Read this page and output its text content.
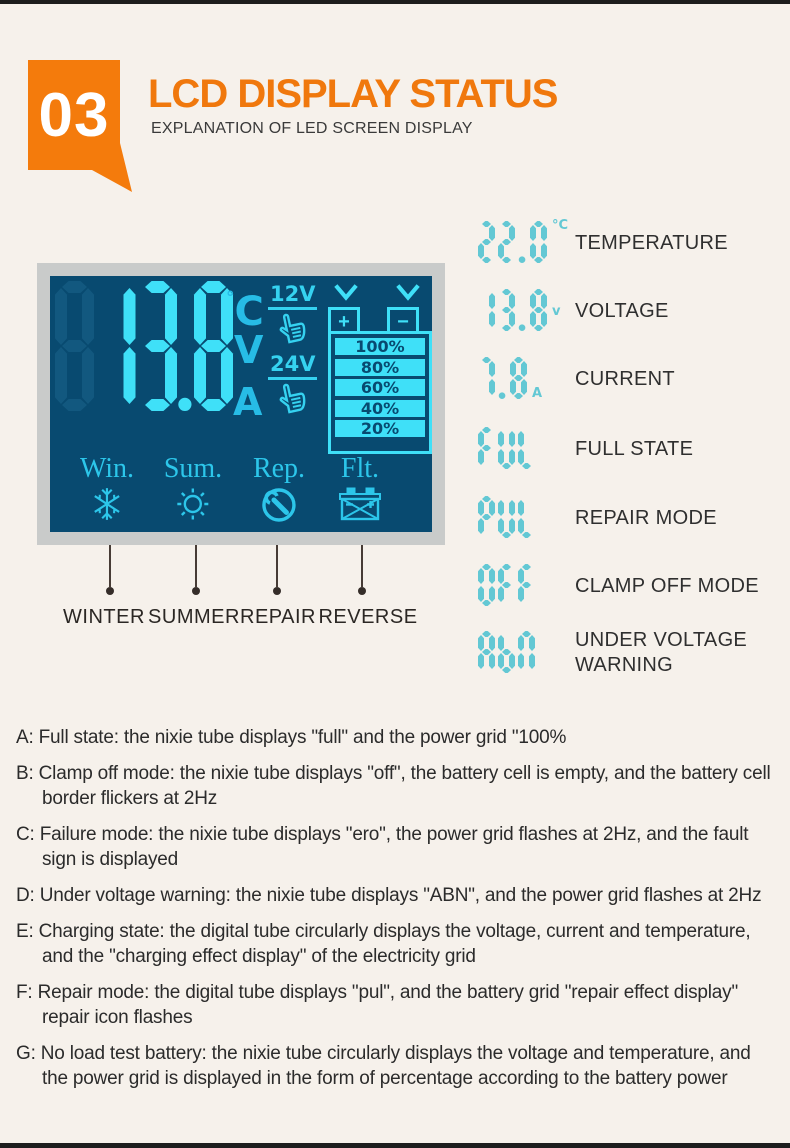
03 LCD DISPLAY STATUS
EXPLANATION OF LED SCREEN DISPLAY
°C
V
A
12V

24V

+ −
100%
80%
60%
40%
20%
Win. Sum. Rep. Flt.
WINTER SUMMER REPAIR REVERSE
°C
TEMPERATURE
v VOLTAGE
A
CURRENT
FULL STATE
REPAIR MODE
CLAMP OFF MODE
UNDER VOLTAGE WARNING

A: Full state: the nixie tube displays "full" and the power grid "100%

B: Clamp off mode: the nixie tube displays "off", the battery cell is empty, and the battery cell border flickers at 2Hz

C: Failure mode: the nixie tube displays "ero", the power grid flashes at 2Hz, and the fault sign is displayed

D: Under voltage warning: the nixie tube displays "ABN", and the power grid flashes at 2Hz

E: Charging state: the digital tube circularly displays the voltage, current and temperature, and the "charging effect display" of the electricity grid

F: Repair mode: the digital tube displays "pul", and the battery grid "repair effect display" repair icon flashes

G: No load test battery: the nixie tube circularly displays the voltage and temperature, and the power grid is displayed in the form of percentage according to the battery power
